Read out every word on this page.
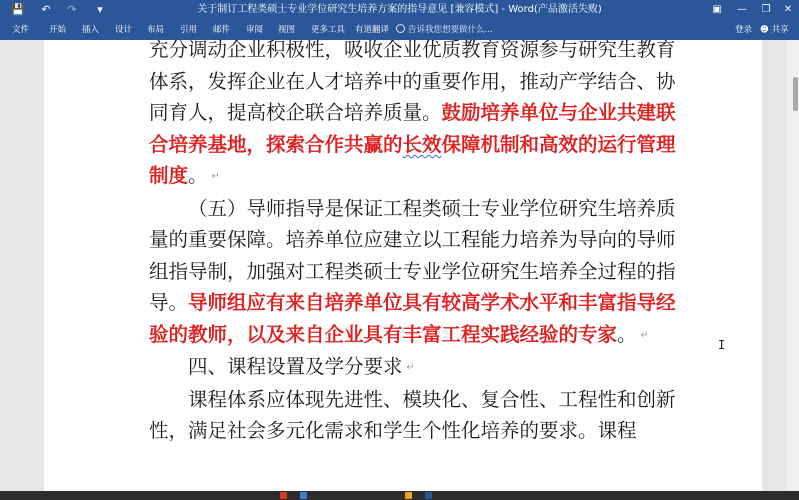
💾	↶	↷	▾	关于制订工程类硕士专业学位研究生培养方案的指导意见 [兼容模式] - Word(产品激活失败)	▣	—	❐	✕
文件 开始 插入 设计 布局 引用 邮件 审阅 视图 更多工具 有道翻译	告诉我您想要做什么...	登录 ☻ 共享

充分调动企业积极性，吸收企业优质教育资源参与研究生教育体系，发挥企业在人才培养中的重要作用，推动产学结合、协同育人，提高校企联合培养质量。鼓励培养单位与企业共建联合培养基地，探索合作共赢的长效保障机制和高效的运行管理制度。 ↵

（五）导师指导是保证工程类硕士专业学位研究生培养质量的重要保障。培养单位应建立以工程能力培养为导向的导师组指导制，加强对工程类硕士专业学位研究生培养全过程的指导。导师组应有来自培养单位具有较高学术水平和丰富指导经验的教师，以及来自企业具有丰富工程实践经验的专家。 ↵

四、课程设置及学分要求 ↵

课程体系应体现先进性、模块化、复合性、工程性和创新性，满足社会多元化需求和学生个性化培养的要求。课程

I
